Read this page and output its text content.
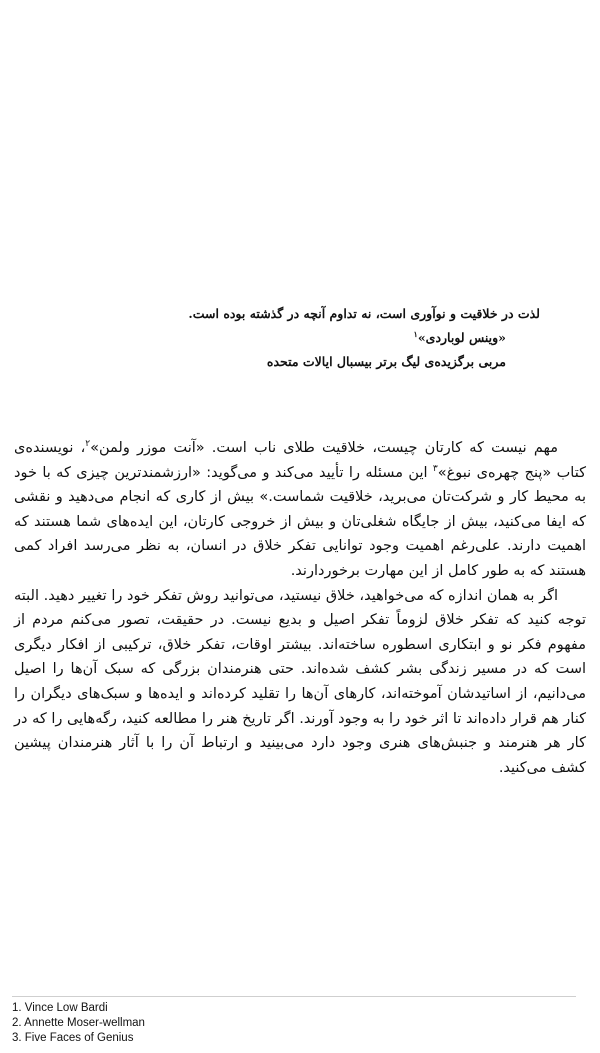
لذت در خلاقیت و نوآوری است، نه تداوم آنچه در گذشته بوده است.
«وینس لوباردی»$^۱$
مربی برگزیده‌ی لیگ برتر بیسبال ایالات متحده

مهم نیست که کارتان چیست، خلاقیت طلای ناب است. «آنت موزر ولمن»$^۲$، نویسنده‌ی کتاب «پنج چهره‌ی نبوغ»$^۳$ این مسئله را تأیید می‌کند و می‌گوید: «ارزشمندترین چیزی که با خود به محیط کار و شرکت‌تان می‌برید، خلاقیت شماست.» بیش از کاری که انجام می‌دهید و نقشی که ایفا می‌کنید، بیش از جایگاه شغلی‌تان و بیش از خروجی کارتان، این ایده‌های شما هستند که اهمیت دارند. علی‌رغم اهمیت وجود توانایی تفکر خلاق در انسان، به نظر می‌رسد افراد کمی هستند که به طور کامل از این مهارت برخوردارند.

اگر به همان اندازه که می‌خواهید، خلاق نیستید، می‌توانید روش تفکر خود را تغییر دهید. البته توجه کنید که تفکر خلاق لزوماً تفکر اصیل و بدیع نیست. در حقیقت، تصور می‌کنم مردم از مفهوم فکر نو و ابتکاری اسطوره ساخته‌اند. بیشتر اوقات، تفکر خلاق، ترکیبی از افکار دیگری است که در مسیر زندگی بشر کشف شده‌اند. حتی هنرمندان بزرگی که سبک آن‌ها را اصیل می‌دانیم، از اساتیدشان آموخته‌اند، کارهای آن‌ها را تقلید کرده‌اند و ایده‌ها و سبک‌های دیگران را کنار هم قرار داده‌اند تا اثر خود را به وجود آورند. اگر تاریخ هنر را مطالعه کنید، رگه‌هایی را که در کار هر هنرمند و جنبش‌های هنری وجود دارد می‌بینید و ارتباط آن را با آثار هنرمندان پیشین کشف می‌کنید.

1. Vince Low Bardi
2. Annette Moser-wellman
3. Five Faces of Genius
